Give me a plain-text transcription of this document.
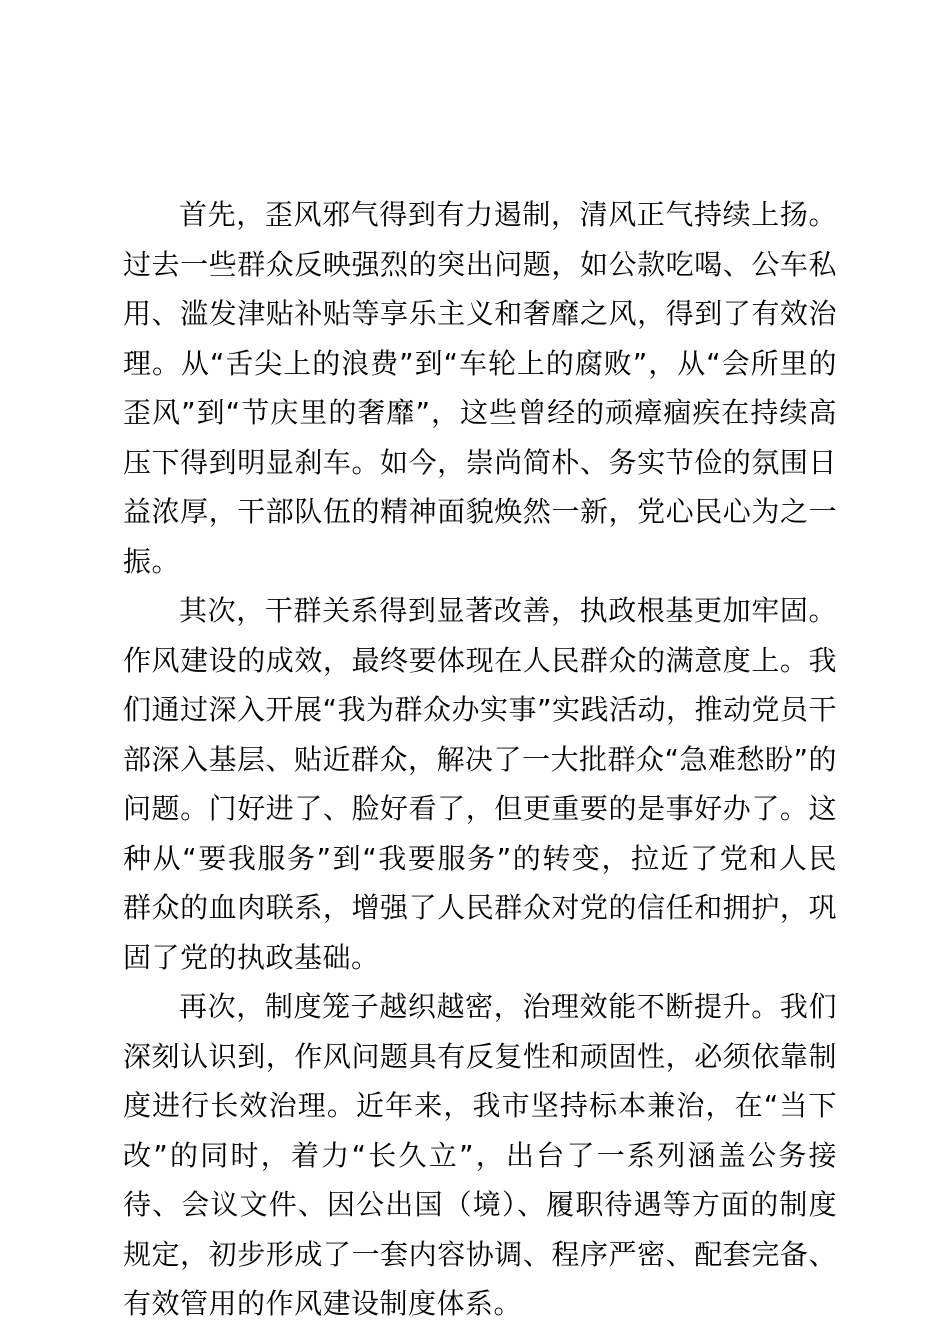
首先，歪风邪气得到有力遏制，清风正气持续上扬。过去一些群众反映强烈的突出问题，如公款吃喝、公车私用、滥发津贴补贴等享乐主义和奢靡之风，得到了有效治理。从“舌尖上的浪费”到“车轮上的腐败”，从“会所里的歪风”到“节庆里的奢靡”，这些曾经的顽瘴痼疾在持续高压下得到明显刹车。如今，崇尚简朴、务实节俭的氛围日益浓厚，干部队伍的精神面貌焕然一新，党心民心为之一振。

其次，干群关系得到显著改善，执政根基更加牢固。作风建设的成效，最终要体现在人民群众的满意度上。我们通过深入开展“我为群众办实事”实践活动，推动党员干部深入基层、贴近群众，解决了一大批群众“急难愁盼”的问题。门好进了、脸好看了，但更重要的是事好办了。这种从“要我服务”到“我要服务”的转变，拉近了党和人民群众的血肉联系，增强了人民群众对党的信任和拥护，巩固了党的执政基础。

再次，制度笼子越织越密，治理效能不断提升。我们深刻认识到，作风问题具有反复性和顽固性，必须依靠制度进行长效治理。近年来，我市坚持标本兼治，在“当下改”的同时，着力“长久立”，出台了一系列涵盖公务接待、会议文件、因公出国（境）、履职待遇等方面的制度规定，初步形成了一套内容协调、程序严密、配套完备、有效管用的作风建设制度体系。
